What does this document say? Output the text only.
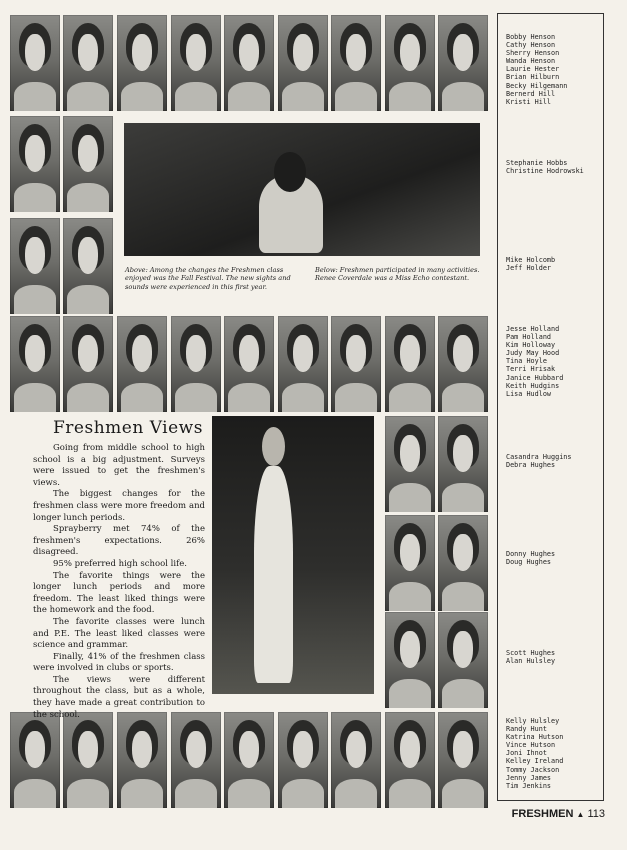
Above: Among the changes the Freshmen class enjoyed was the Fall Festival. The new sights and sounds were experienced in this first year.
Below: Freshmen participated in many activities. Renee Coverdale was a Miss Echo contestant.
Freshmen Views

Going from middle school to high school is a big adjustment. Surveys were issued to get the freshmen's views.

The biggest changes for the freshmen class were more freedom and longer lunch periods.

Sprayberry met 74% of the freshmen's expectations. 26% disagreed.

95% preferred high school life.

The favorite things were the longer lunch periods and more freedom. The least liked things were the homework and the food.

The favorite classes were lunch and P.E. The least liked classes were science and grammar.

Finally, 41% of the freshmen class were involved in clubs or sports.

The views were different throughout the class, but as a whole, they have made a great contribution to the school.

Bobby Henson
Cathy Henson
Sherry Henson
Wanda Henson
Laurie Hester
Brian Hilburn
Becky Hilgemann
Bernerd Hill
Kristi Hill
Stephanie Hobbs
Christine Hodrowski
Mike Holcomb
Jeff Holder
Jesse Holland
Pam Holland
Kim Holloway
Judy May Hood
Tina Hoyle
Terri Hrisak
Janice Hubbard
Keith Hudgins
Lisa Hudlow
Casandra Huggins
Debra Hughes
Donny Hughes
Doug Hughes
Scott Hughes
Alan Hulsley
Kelly Hulsley
Randy Hunt
Katrina Hutson
Vince Hutson
Joni Ihnot
Kelley Ireland
Tommy Jackson
Jenny James
Tim Jenkins
FRESHMEN ▲ 113
